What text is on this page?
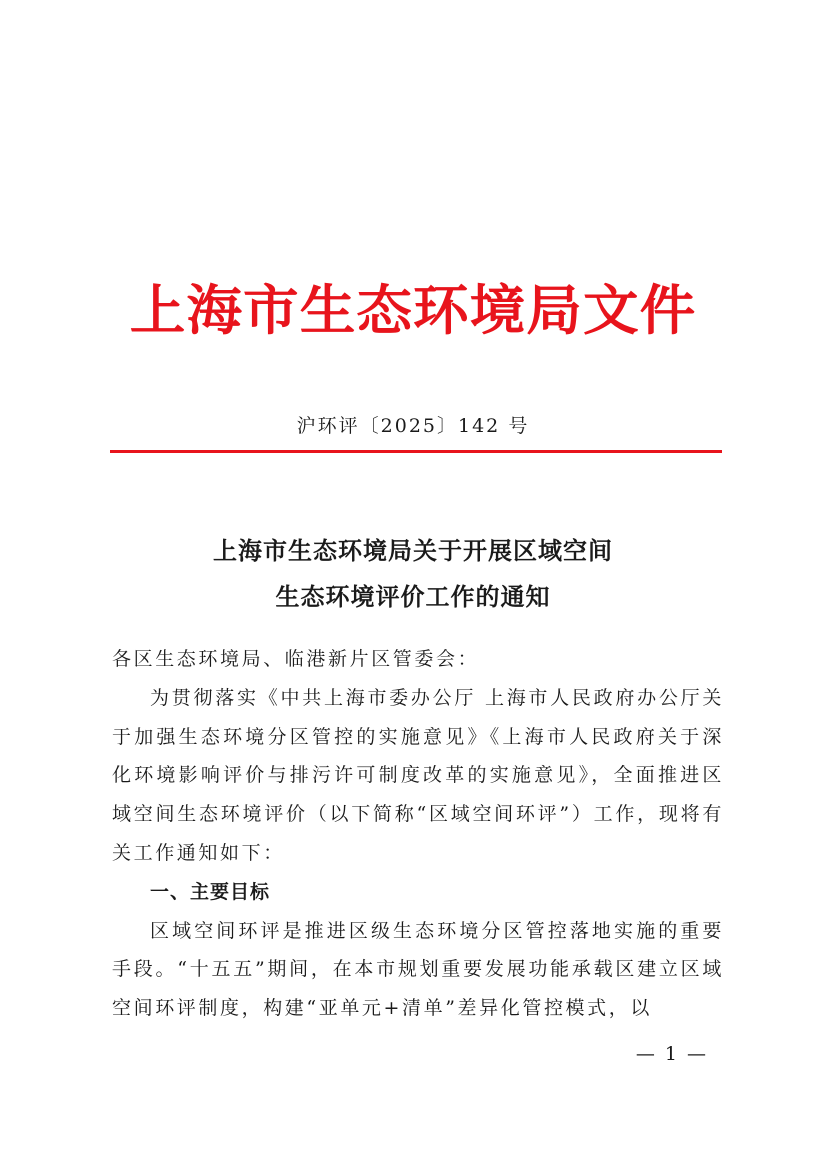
上海市生态环境局文件
沪环评〔2025〕142 号
上海市生态环境局关于开展区域空间
生态环境评价工作的通知

各区生态环境局、临港新片区管委会：

为贯彻落实《中共上海市委办公厅 上海市人民政府办公厅关于加强生态环境分区管控的实施意见》《上海市人民政府关于深化环境影响评价与排污许可制度改革的实施意见》，全面推进区域空间生态环境评价（以下简称“区域空间环评”）工作，现将有关工作通知如下：

一、主要目标

区域空间环评是推进区级生态环境分区管控落地实施的重要手段。“十五五”期间，在本市规划重要发展功能承载区建立区域空间环评制度，构建“亚单元+清单”差异化管控模式，以

— 1 —
